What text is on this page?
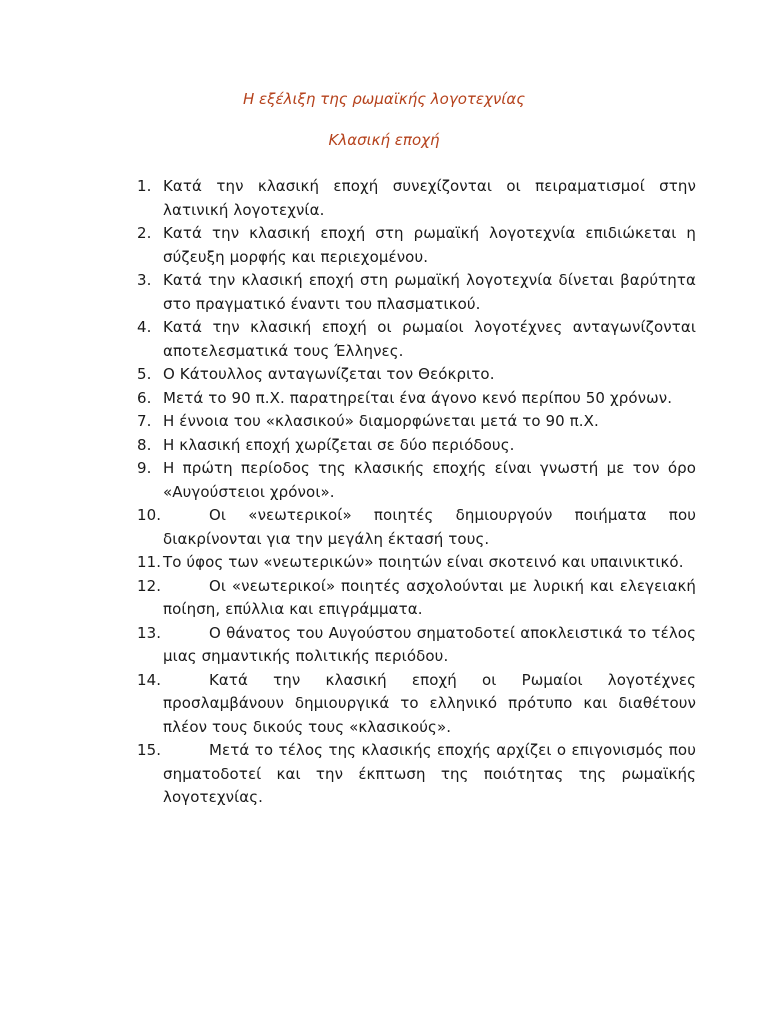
Η εξέλιξη της ρωμαϊκής λογοτεχνίας
Κλασική εποχή
1. Κατά την κλασική εποχή συνεχίζονται οι πειραματισμοί στην λατινική λογοτεχνία.
2. Κατά την κλασική εποχή στη ρωμαϊκή λογοτεχνία επιδιώκεται η σύζευξη μορφής και περιεχομένου.
3. Κατά την κλασική εποχή στη ρωμαϊκή λογοτεχνία δίνεται βαρύτητα στο πραγματικό έναντι του πλασματικού.
4. Κατά την κλασική εποχή οι ρωμαίοι λογοτέχνες ανταγωνίζονται αποτελεσματικά τους Έλληνες.
5. Ο Κάτουλλος ανταγωνίζεται τον Θεόκριτο.
6. Μετά το 90 π.Χ. παρατηρείται ένα άγονο κενό περίπου 50 χρόνων.
7. Η έννοια του «κλασικού» διαμορφώνεται μετά το 90 π.Χ.
8. Η κλασική εποχή χωρίζεται σε δύο περιόδους.
9. Η πρώτη περίοδος της κλασικής εποχής είναι γνωστή με τον όρο «Αυγούστειοι χρόνοι».
10.	Οι «νεωτερικοί» ποιητές δημιουργούν ποιήματα που διακρίνονται για την μεγάλη έκτασή τους.
11. Το ύφος των «νεωτερικών» ποιητών είναι σκοτεινό και υπαινικτικό.
12.	Οι «νεωτερικοί» ποιητές ασχολούνται με λυρική και ελεγειακή ποίηση, επύλλια και επιγράμματα.
13.	Ο θάνατος του Αυγούστου σηματοδοτεί αποκλειστικά το τέλος μιας σημαντικής πολιτικής περιόδου.
14.	Κατά την κλασική εποχή οι Ρωμαίοι λογοτέχνες προσλαμβάνουν δημιουργικά το ελληνικό πρότυπο και διαθέτουν πλέον τους δικούς τους «κλασικούς».
15.	Μετά το τέλος της κλασικής εποχής αρχίζει ο επιγονισμός που σηματοδοτεί και την έκπτωση της ποιότητας της ρωμαϊκής λογοτεχνίας.
